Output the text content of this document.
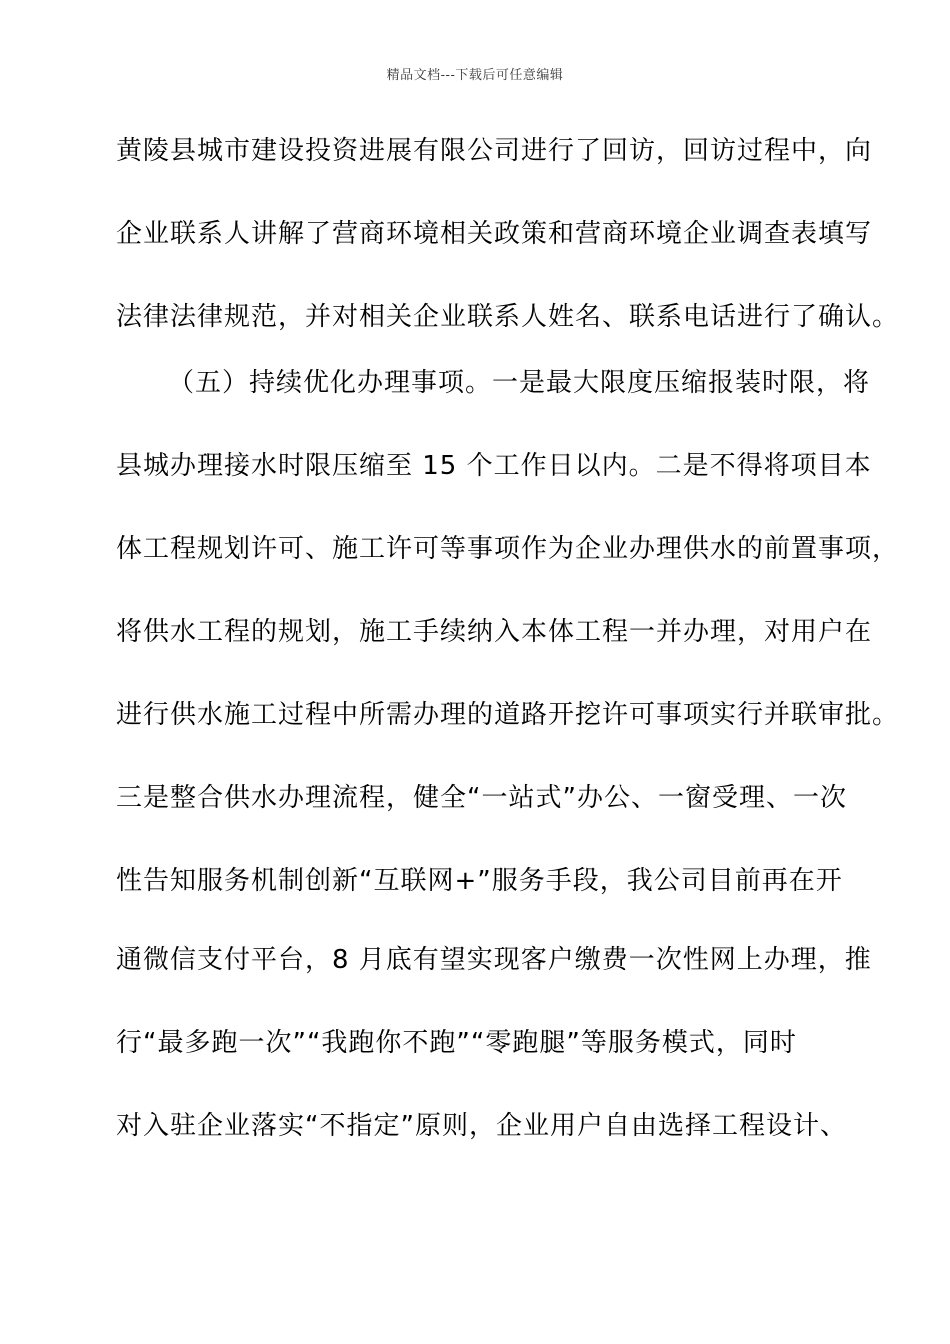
精品文档---下载后可任意编辑
黄陵县城市建设投资进展有限公司进行了回访，回访过程中，向
企业联系人讲解了营商环境相关政策和营商环境企业调查表填写
法律法律规范，并对相关企业联系人姓名、联系电话进行了确认。
（五）持续优化办理事项。一是最大限度压缩报装时限，将
县城办理接水时限压缩至 15 个工作日以内。二是不得将项目本
体工程规划许可、施工许可等事项作为企业办理供水的前置事项，
将供水工程的规划，施工手续纳入本体工程一并办理，对用户在
进行供水施工过程中所需办理的道路开挖许可事项实行并联审批。
三是整合供水办理流程，健全“一站式”办公、一窗受理、一次
性告知服务机制创新“互联网+”服务手段，我公司目前再在开
通微信支付平台，8 月底有望实现客户缴费一次性网上办理，推
行“最多跑一次”“我跑你不跑”“零跑腿”等服务模式，同时
对入驻企业落实“不指定”原则，企业用户自由选择工程设计、
